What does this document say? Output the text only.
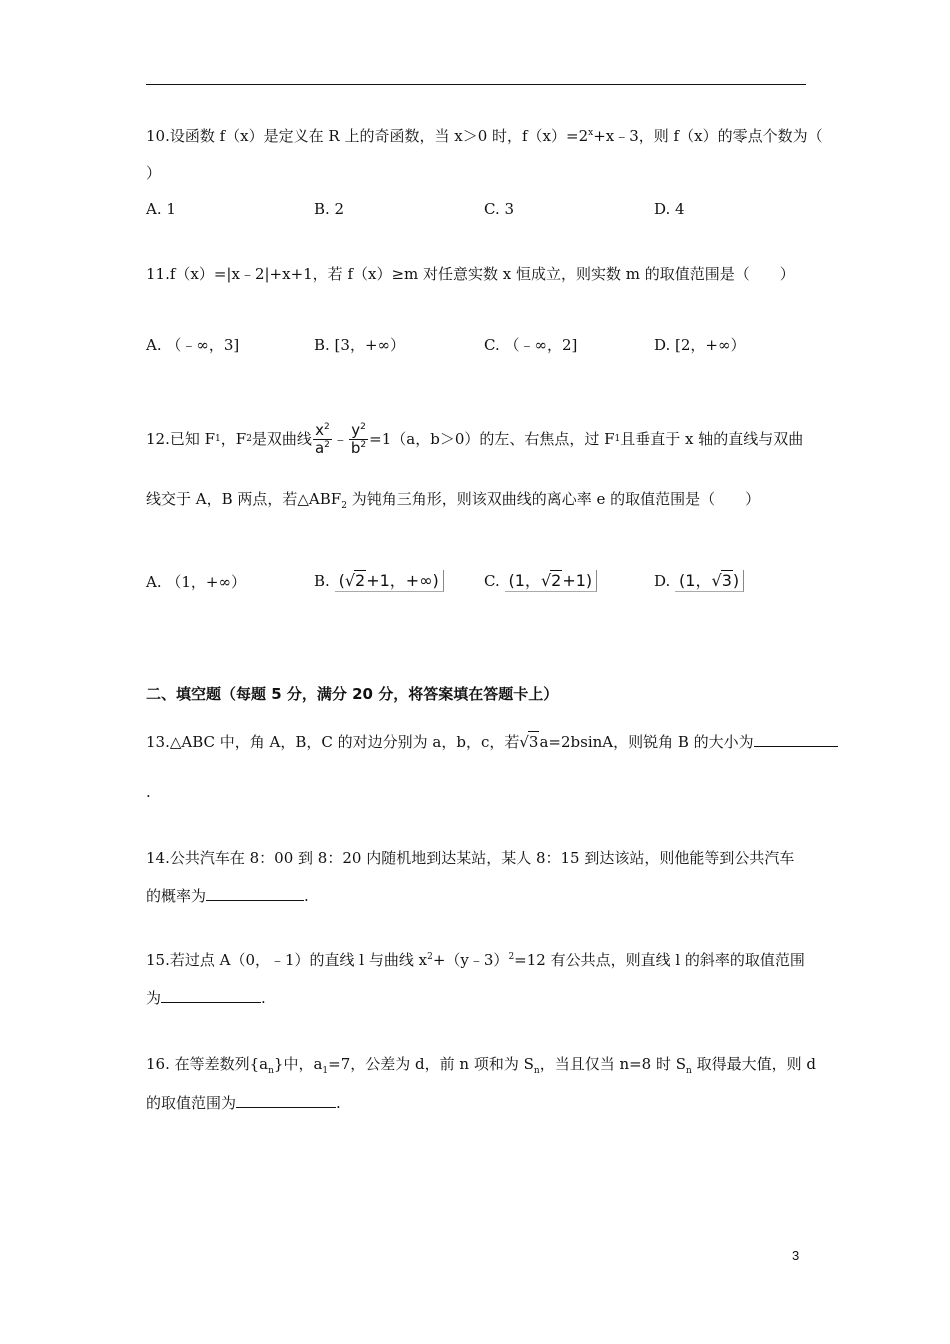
10.设函数 f（x）是定义在 R 上的奇函数，当 x＞0 时，$f(x)=2^x+x﹣3$，则 f（x）的零点个数为（
）
A. 1	B. 2	C. 3	D. 4
11.f（x）=|x﹣2|+x+1，若 f（x）≥m 对任意实数 x 恒成立，则实数 m 的取值范围是（　　）
A. （﹣∞，3]	B. [3，+∞）	C. （﹣∞，2]	D. [2，+∞）
12.已知 F 1 ，F 2 是双曲线 $\frac{x^2}{a^2}$ ﹣ $\frac{y^2}{b^2} =1(a$，b＞0）的左、右焦点，过 F 1 且垂直于 x 轴的直线与双曲
线交于 A，B 两点，若$\triangle ABF_2$ 为钝角三角形，则该双曲线的离心率 e 的取值范围是（　　）
A. （1，+∞）	B. (√2+1，+∞)	C. (1，√2+1)	D. (1，√3)
二、填空题（每题 5 分，满分 20 分，将答案填在答题卡上）
13.△ABC 中，角 A，B，C 的对边分别为 a，b，c，若√3a=2bsinA，则锐角 B 的大小为
.
14.公共汽车在 8：00 到 8：20 内随机地到达某站，某人 8：15 到达该站，则他能等到公共汽车
的概率为	.
15.若过点 A（0，﹣1）的直线 l 与曲线 $x^2+(y﹣3)^2=12$ 有公共点，则直线 l 的斜率的取值范围
为	.
16. 在等差数列$\{a_n\}$中，$a_1=7$，公差为 d，前 n 项和为 $S_n$，当且仅当 n=8 时 $S_n$ 取得最大值，则 d
的取值范围为	.
3
